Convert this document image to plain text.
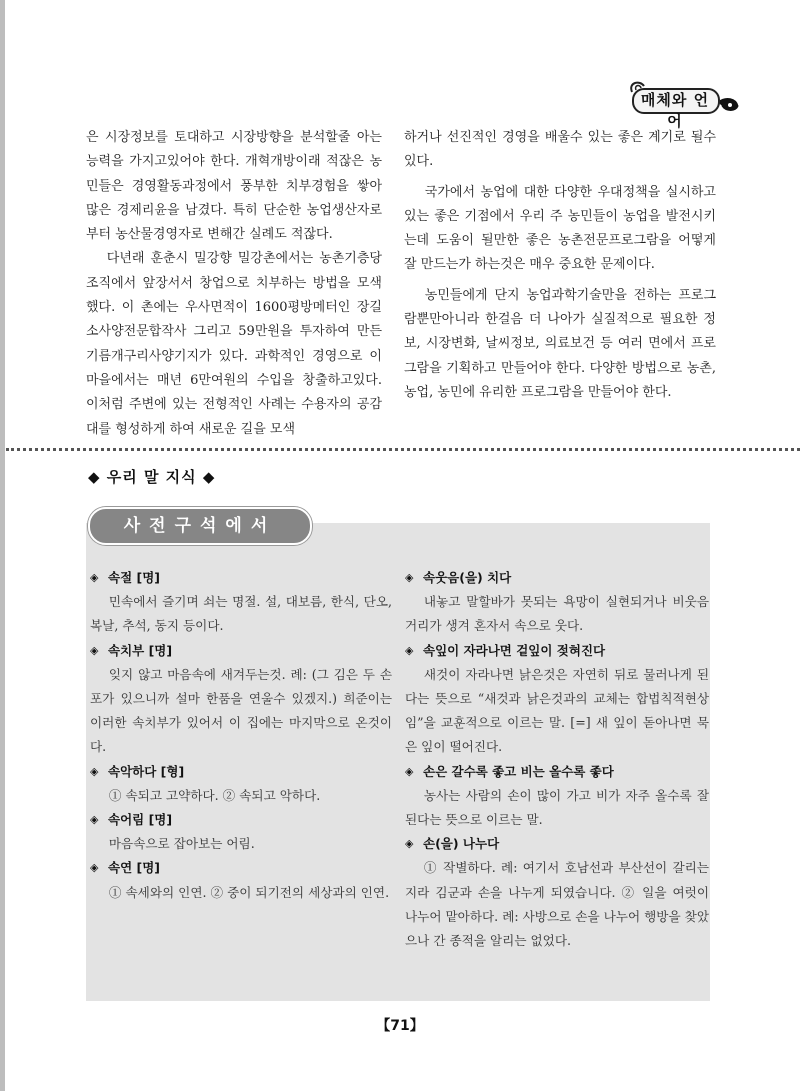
매체와 언어

은 시장정보를 토대하고 시장방향을 분석할줄 아는 능력을 가지고있어야 한다. 개혁개방이래 적잖은 농민들은 경영활동과정에서 풍부한 치부경험을 쌓아 많은 경제리윤을 남겼다. 특히 단순한 농업생산자로부터 농산물경영자로 변해간 실례도 적잖다.

다년래 훈춘시 밀강향 밀강촌에서는 농촌기층당조직에서 앞장서서 창업으로 치부하는 방법을 모색했다. 이 촌에는 우사면적이 1600평방메터인 장길소사양전문합작사 그리고 59만원을 투자하여 만든 기름개구리사양기지가 있다. 과학적인 경영으로 이 마을에서는 매년 6만여원의 수입을 창출하고있다. 이처럼 주변에 있는 전형적인 사례는 수용자의 공감대를 형성하게 하여 새로운 길을 모색

하거나 선진적인 경영을 배울수 있는 좋은 계기로 될수 있다.

국가에서 농업에 대한 다양한 우대정책을 실시하고있는 좋은 기점에서 우리 주 농민들이 농업을 발전시키는데 도움이 될만한 좋은 농촌전문프로그람을 어떻게 잘 만드는가 하는것은 매우 중요한 문제이다.

농민들에게 단지 농업과학기술만을 전하는 프로그람뿐만아니라 한걸음 더 나아가 실질적으로 필요한 정보, 시장변화, 날씨정보, 의료보건 등 여러 면에서 프로그람을 기획하고 만들어야 한다. 다양한 방법으로 농촌, 농업, 농민에 유리한 프로그람을 만들어야 한다.

◆ 우리 말 지식 ◆
사전구석에서
◈ 속절 [명]

민속에서 즐기며 쇠는 명절. 설, 대보름, 한식, 단오, 복날, 추석, 동지 등이다.

◈ 속치부 [명]

잊지 않고 마음속에 새겨두는것. 례: (그 김은 두 손포가 있으니까 설마 한품을 연울수 있겠지.) 희준이는 이러한 속치부가 있어서 이 집에는 마지막으로 온것이다.

◈ 속악하다 [형]

① 속되고 고약하다. ② 속되고 악하다.

◈ 속어림 [명]

마음속으로 잡아보는 어림.

◈ 속연 [명]

① 속세와의 인연. ② 중이 되기전의 세상과의 인연.

◈ 속웃음(을) 치다

내놓고 말할바가 못되는 욕망이 실현되거나 비웃음거리가 생겨 혼자서 속으로 웃다.

◈ 속잎이 자라나면 겉잎이 젖혀진다

새것이 자라나면 낡은것은 자연히 뒤로 물러나게 된다는 뜻으로 “새것과 낡은것과의 교체는 합법칙적현상임”을 교훈적으로 이르는 말. [=] 새 잎이 돋아나면 묵은 잎이 떨어진다.

◈ 손은 갈수록 좋고 비는 올수록 좋다

농사는 사람의 손이 많이 가고 비가 자주 올수록 잘된다는 뜻으로 이르는 말.

◈ 손(을) 나누다

① 작별하다. 례: 여기서 호남선과 부산선이 갈리는지라 김군과 손을 나누게 되였습니다. ② 일을 여럿이 나누어 맡아하다. 례: 사방으로 손을 나누어 행방을 찾았으나 간 종적을 알리는 없었다.

【71】
